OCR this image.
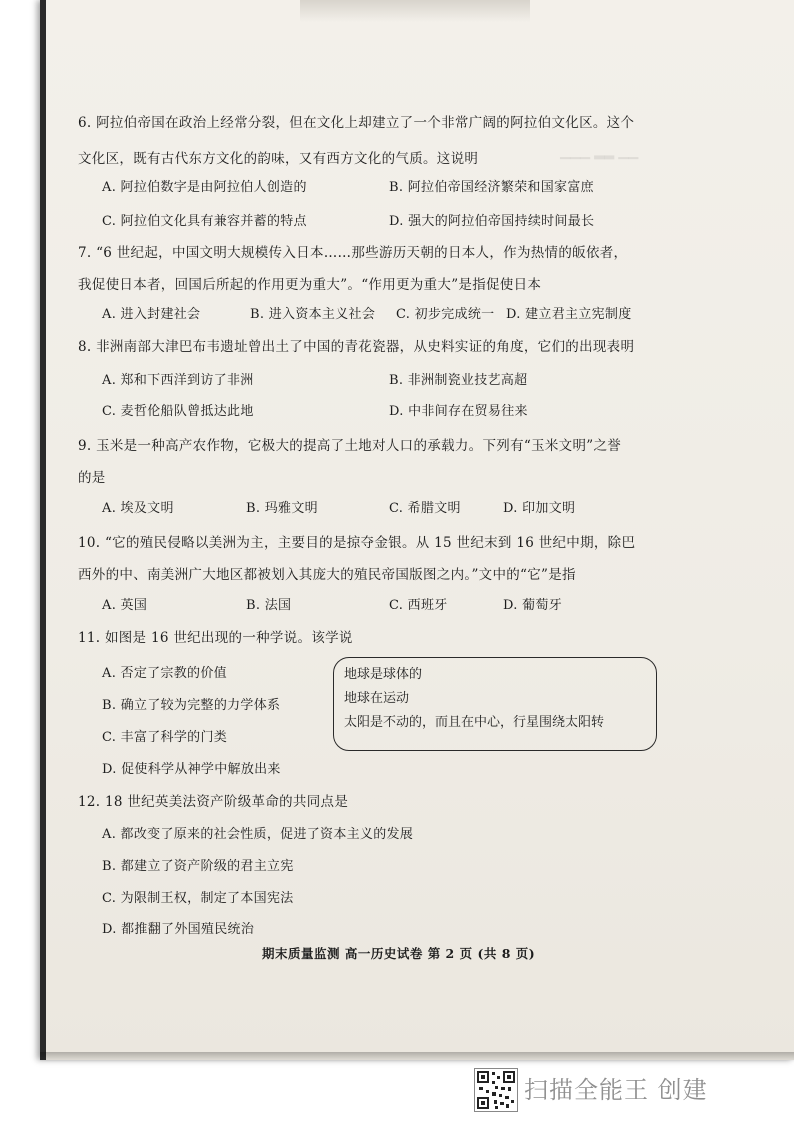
▁▁▁ ▂▂ ▁▁
6. 阿拉伯帝国在政治上经常分裂，但在文化上却建立了一个非常广阔的阿拉伯文化区。这个
文化区，既有古代东方文化的韵味，又有西方文化的气质。这说明
A. 阿拉伯数字是由阿拉伯人创造的	B. 阿拉伯帝国经济繁荣和国家富庶
C. 阿拉伯文化具有兼容并蓄的特点	D. 强大的阿拉伯帝国持续时间最长
7. “6 世纪起，中国文明大规模传入日本……那些游历天朝的日本人，作为热情的皈依者，
我促使日本者，回国后所起的作用更为重大”。“作用更为重大”是指促使日本
A. 进入封建社会	B. 进入资本主义社会 C. 初步完成统一 D. 建立君主立宪制度
8. 非洲南部大津巴布韦遗址曾出土了中国的青花瓷器，从史料实证的角度，它们的出现表明
A. 郑和下西洋到访了非洲	B. 非洲制瓷业技艺高超
C. 麦哲伦船队曾抵达此地	D. 中非间存在贸易往来
9. 玉米是一种高产农作物，它极大的提高了土地对人口的承载力。下列有“玉米文明”之誉
的是
A. 埃及文明	B. 玛雅文明	C. 希腊文明	D. 印加文明
10. “它的殖民侵略以美洲为主，主要目的是掠夺金银。从 15 世纪末到 16 世纪中期，除巴
西外的中、南美洲广大地区都被划入其庞大的殖民帝国版图之内。”文中的“它”是指
A. 英国	B. 法国	C. 西班牙	D. 葡萄牙
11. 如图是 16 世纪出现的一种学说。该学说
A. 否定了宗教的价值
B. 确立了较为完整的力学体系
C. 丰富了科学的门类
D. 促使科学从神学中解放出来
12. 18 世纪英美法资产阶级革命的共同点是
A. 都改变了原来的社会性质，促进了资本主义的发展
B. 都建立了资产阶级的君主立宪
C. 为限制王权，制定了本国宪法
D. 都推翻了外国殖民统治
期末质量监测 高一历史试卷 第 2 页 (共 8 页)
地球是球体的
地球在运动
太阳是不动的，而且在中心，行星围绕太阳转
扫描全能王 创建
